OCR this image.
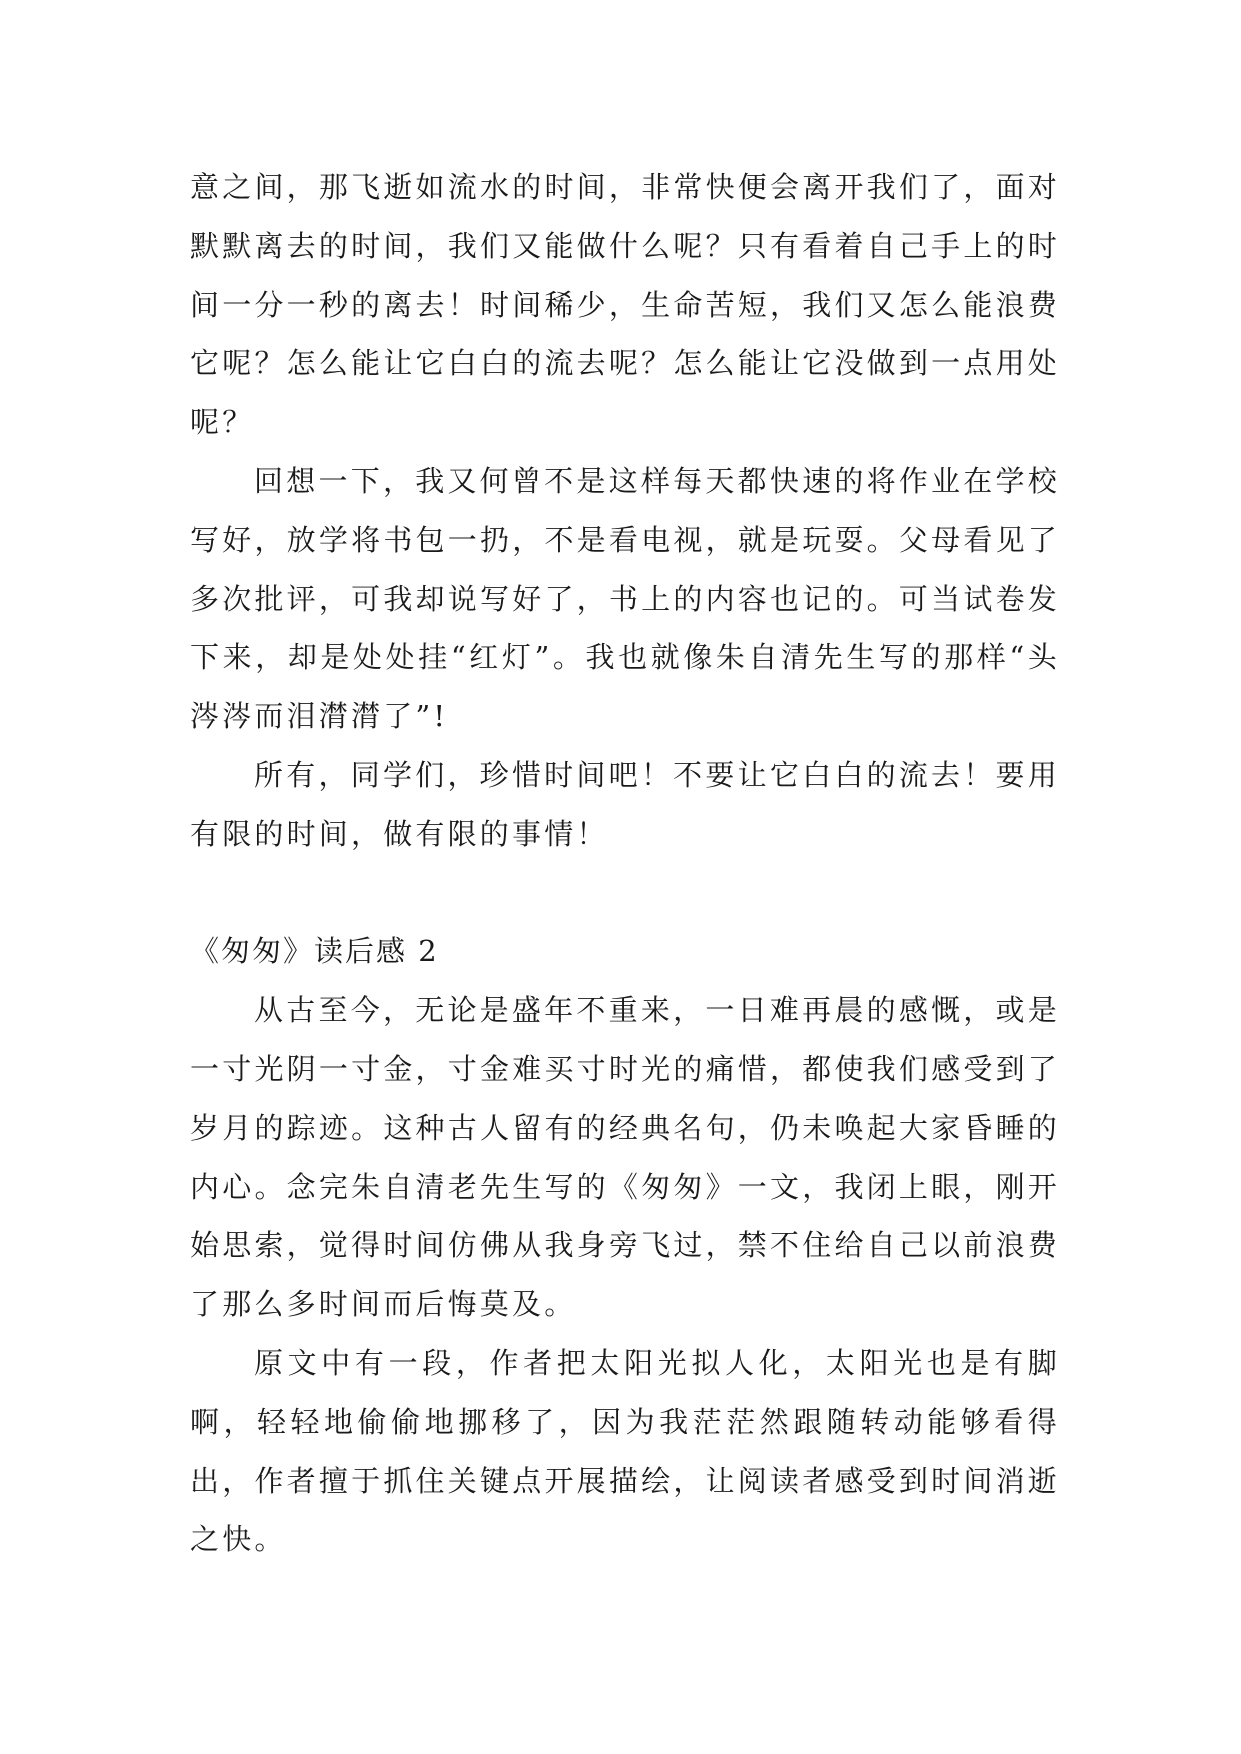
意之间，那飞逝如流水的时间，非常快便会离开我们了，面对默默离去的时间，我们又能做什么呢？只有看着自己手上的时间一分一秒的离去！时间稀少，生命苦短，我们又怎么能浪费它呢？怎么能让它白白的流去呢？怎么能让它没做到一点用处呢？

回想一下，我又何曾不是这样每天都快速的将作业在学校写好，放学将书包一扔，不是看电视，就是玩耍。父母看见了多次批评，可我却说写好了，书上的内容也记的。可当试卷发下来，却是处处挂“红灯”。我也就像朱自清先生写的那样“头涔涔而泪潸潸了”!

所有，同学们，珍惜时间吧！不要让它白白的流去！要用有限的时间，做有限的事情！

《匆匆》读后感 2

从古至今，无论是盛年不重来，一日难再晨的感慨，或是一寸光阴一寸金，寸金难买寸时光的痛惜，都使我们感受到了岁月的踪迹。这种古人留有的经典名句，仍未唤起大家昏睡的内心。念完朱自清老先生写的《匆匆》一文，我闭上眼，刚开始思索，觉得时间仿佛从我身旁飞过，禁不住给自己以前浪费了那么多时间而后悔莫及。

原文中有一段，作者把太阳光拟人化，太阳光也是有脚啊，轻轻地偷偷地挪移了，因为我茫茫然跟随转动能够看得出，作者擅于抓住关键点开展描绘，让阅读者感受到时间消逝之快。
